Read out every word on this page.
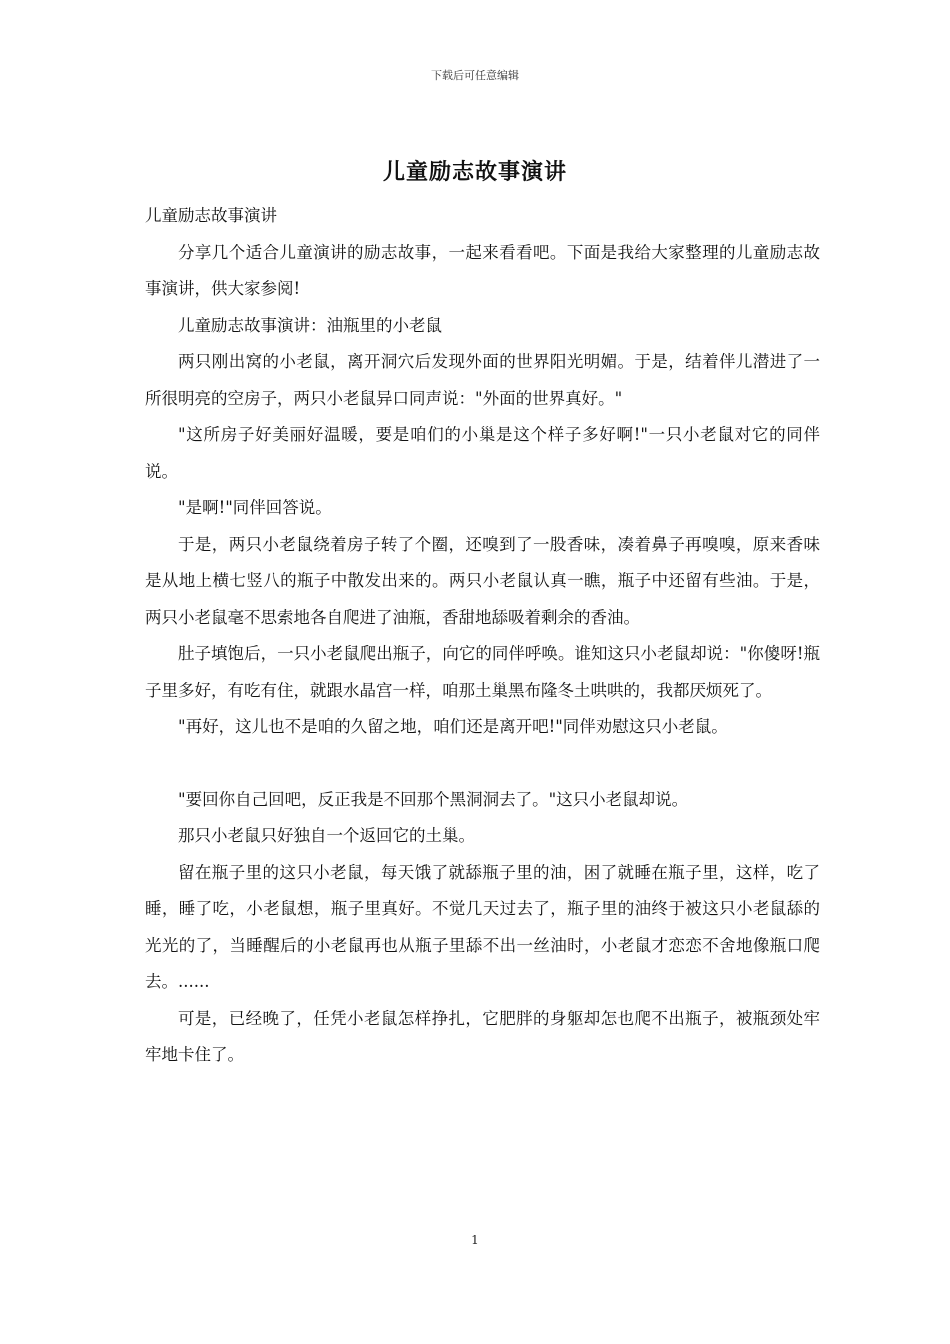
下载后可任意编辑
儿童励志故事演讲

儿童励志故事演讲

分享几个适合儿童演讲的励志故事，一起来看看吧。下面是我给大家整理的儿童励志故事演讲，供大家参阅!

儿童励志故事演讲：油瓶里的小老鼠

两只刚出窝的小老鼠，离开洞穴后发现外面的世界阳光明媚。于是，结着伴儿潜进了一所很明亮的空房子，两只小老鼠异口同声说："外面的世界真好。"

"这所房子好美丽好温暖，要是咱们的小巢是这个样子多好啊!"一只小老鼠对它的同伴说。

"是啊!"同伴回答说。

于是，两只小老鼠绕着房子转了个圈，还嗅到了一股香味，凑着鼻子再嗅嗅，原来香味是从地上横七竖八的瓶子中散发出来的。两只小老鼠认真一瞧，瓶子中还留有些油。于是，两只小老鼠毫不思索地各自爬进了油瓶，香甜地舔吸着剩余的香油。

肚子填饱后，一只小老鼠爬出瓶子，向它的同伴呼唤。谁知这只小老鼠却说："你傻呀!瓶子里多好，有吃有住，就跟水晶宫一样，咱那土巢黑布隆冬土哄哄的，我都厌烦死了。

"再好，这儿也不是咱的久留之地，咱们还是离开吧!"同伴劝慰这只小老鼠。

"要回你自己回吧，反正我是不回那个黑洞洞去了。"这只小老鼠却说。

那只小老鼠只好独自一个返回它的土巢。

留在瓶子里的这只小老鼠，每天饿了就舔瓶子里的油，困了就睡在瓶子里，这样，吃了睡，睡了吃，小老鼠想，瓶子里真好。不觉几天过去了，瓶子里的油终于被这只小老鼠舔的光光的了，当睡醒后的小老鼠再也从瓶子里舔不出一丝油时，小老鼠才恋恋不舍地像瓶口爬去。......

可是，已经晚了，任凭小老鼠怎样挣扎，它肥胖的身躯却怎也爬不出瓶子，被瓶颈处牢牢地卡住了。

1
